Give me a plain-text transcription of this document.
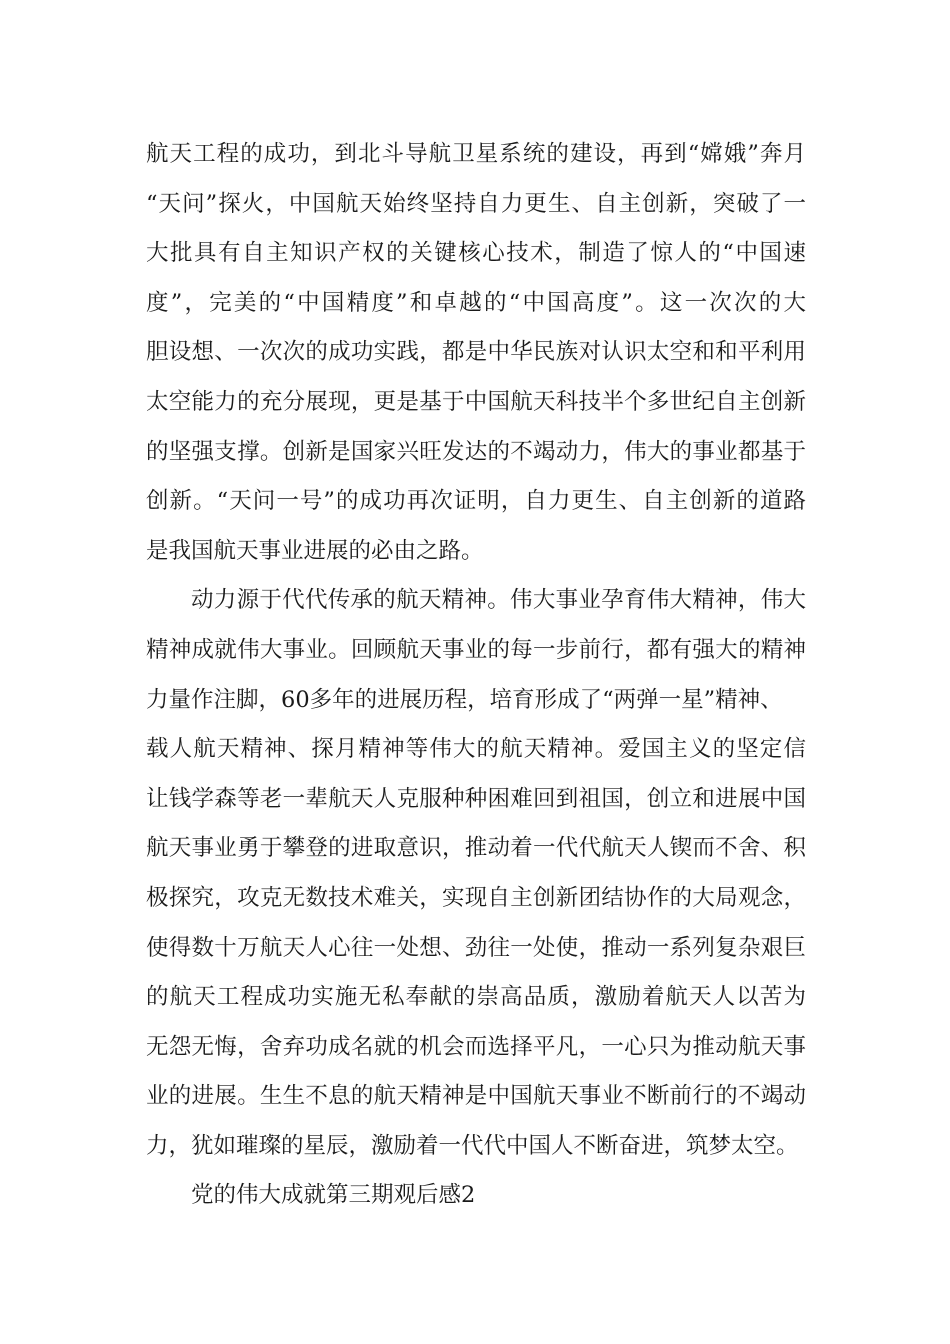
航天工程的成功，到北斗导航卫星系统的建设，再到“嫦娥”奔月
“天问”探火，中国航天始终坚持自力更生、自主创新，突破了一
大批具有自主知识产权的关键核心技术，制造了惊人的“中国速
度”，完美的“中国精度”和卓越的“中国高度”。这一次次的大
胆设想、一次次的成功实践，都是中华民族对认识太空和和平利用
太空能力的充分展现，更是基于中国航天科技半个多世纪自主创新
的坚强支撑。创新是国家兴旺发达的不竭动力，伟大的事业都基于
创新。“天问一号”的成功再次证明，自力更生、自主创新的道路
是我国航天事业进展的必由之路。
动力源于代代传承的航天精神。伟大事业孕育伟大精神，伟大
精神成就伟大事业。回顾航天事业的每一步前行，都有强大的精神
力量作注脚，60多年的进展历程，培育形成了“两弹一星”精神、
载人航天精神、探月精神等伟大的航天精神。爱国主义的坚定信
让钱学森等老一辈航天人克服种种困难回到祖国，创立和进展中国
航天事业勇于攀登的进取意识，推动着一代代航天人锲而不舍、积
极探究，攻克无数技术难关，实现自主创新团结协作的大局观念，
使得数十万航天人心往一处想、劲往一处使，推动一系列复杂艰巨
的航天工程成功实施无私奉献的崇高品质，激励着航天人以苦为
无怨无悔，舍弃功成名就的机会而选择平凡，一心只为推动航天事
业的进展。生生不息的航天精神是中国航天事业不断前行的不竭动
力，犹如璀璨的星辰，激励着一代代中国人不断奋进，筑梦太空。
党的伟大成就第三期观后感2
